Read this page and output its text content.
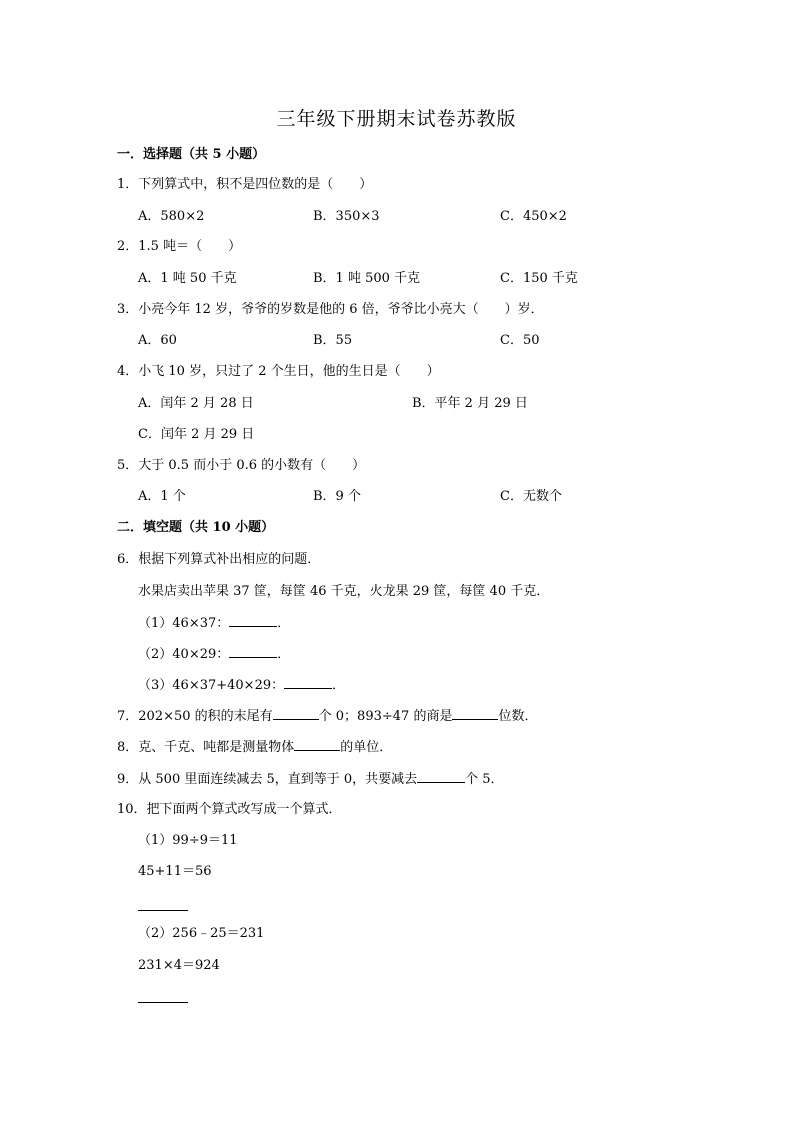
三年级下册期末试卷苏教版
一．选择题（共 5 小题）
1．下列算式中，积不是四位数的是（　　）
A．580×2	B．350×3	C．450×2
2．1.5 吨＝（　　）
A．1 吨 50 千克	B．1 吨 500 千克	C．150 千克
3．小亮今年 12 岁，爷爷的岁数是他的 6 倍，爷爷比小亮大（　　）岁．
A．60	B．55	C．50
4．小飞 10 岁，只过了 2 个生日，他的生日是（　　）
A．闰年 2 月 28 日	B．平年 2 月 29 日
C．闰年 2 月 29 日
5．大于 0.5 而小于 0.6 的小数有（　　）
A．1 个	B．9 个	C．无数个
二．填空题（共 10 小题）
6．根据下列算式补出相应的问题．
水果店卖出苹果 37 筐，每筐 46 千克，火龙果 29 筐，每筐 40 千克．
（1）46×37：	．
（2）40×29：	．
（3）46×37+40×29：	．
7．202×50 的积的末尾有	个 0；893÷47 的商是	位数．
8．克、千克、吨都是测量物体	的单位．
9．从 500 里面连续减去 5，直到等于 0，共要减去	个 5．
10．把下面两个算式改写成一个算式．
（1）99÷9＝11
45+11＝56
（2）256﹣25＝231
231×4＝924
